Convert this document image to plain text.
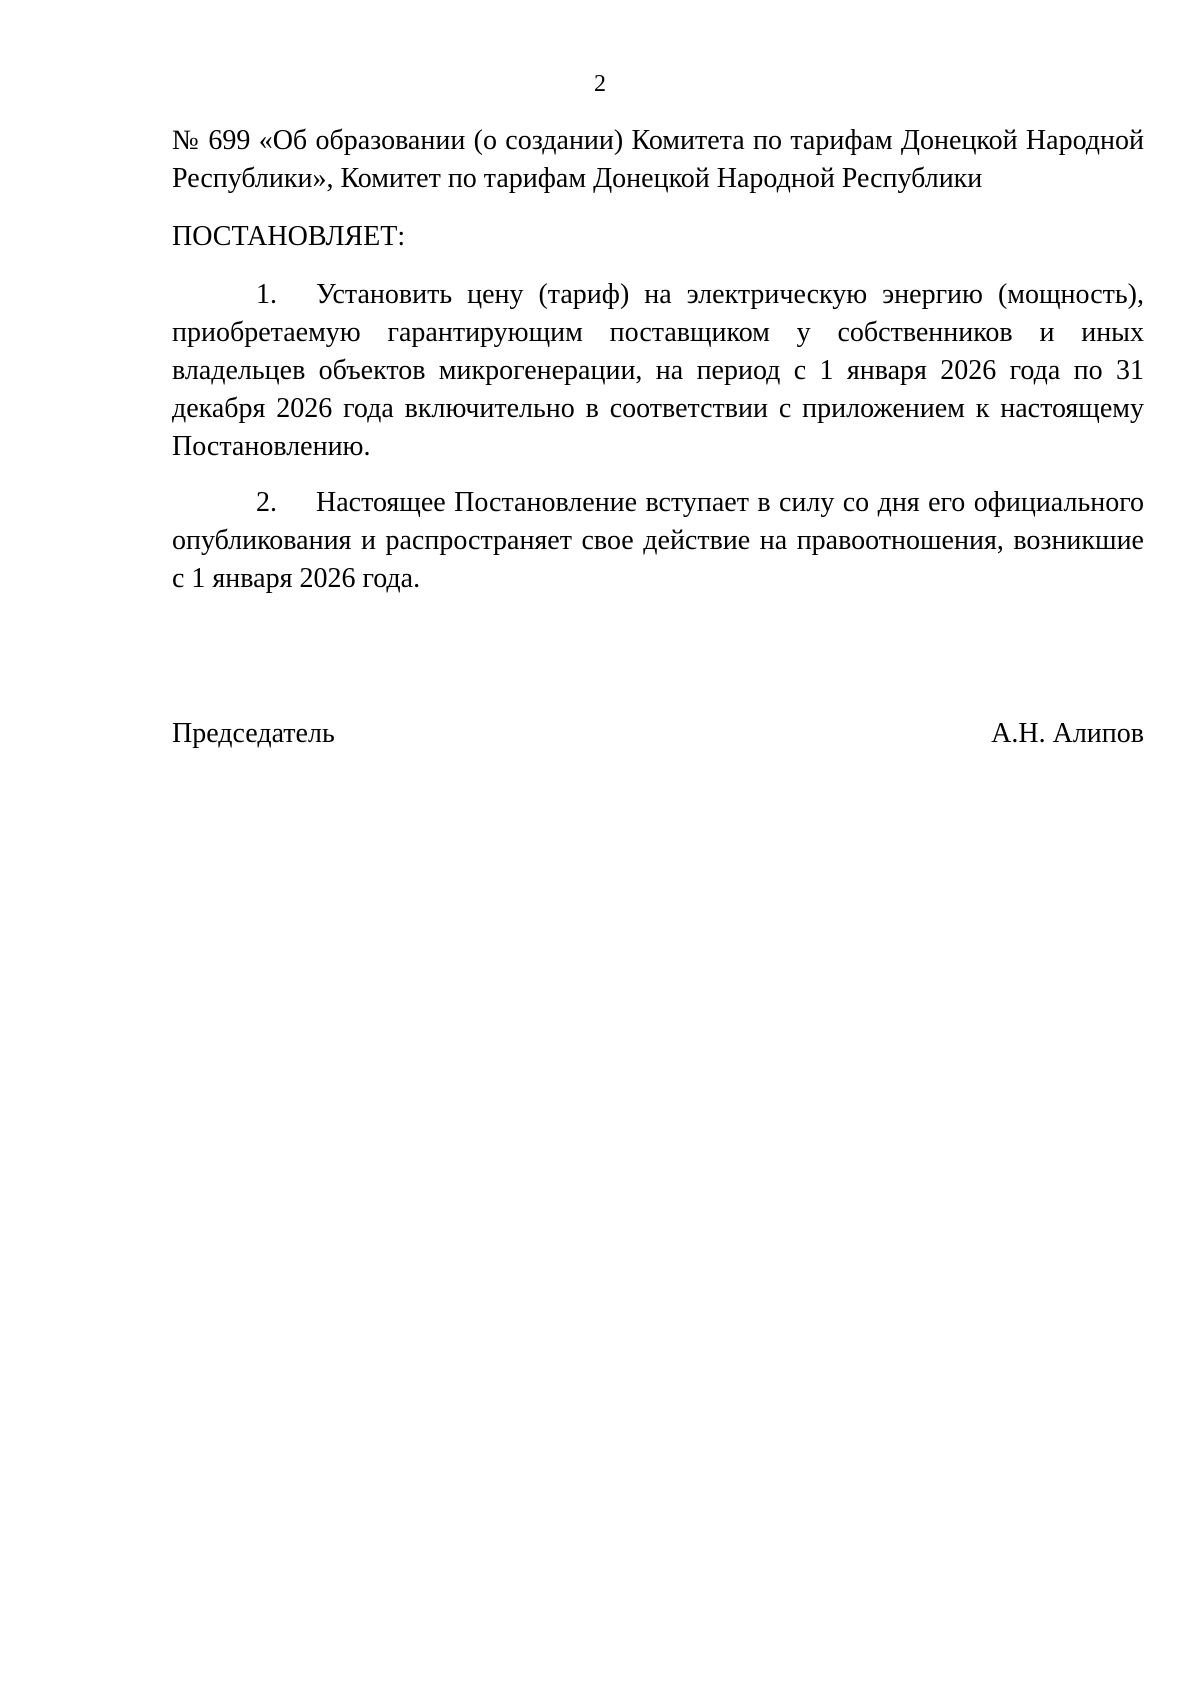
2

№ 699 «Об образовании (о создании) Комитета по тарифам Донецкой Народной Республики», Комитет по тарифам Донецкой Народной Республики

ПОСТАНОВЛЯЕТ:

1. Установить цену (тариф) на электрическую энергию (мощность), приобретаемую гарантирующим поставщиком у собственников и иных владельцев объектов микрогенерации, на период с 1 января 2026 года по 31 декабря 2026 года включительно в соответствии с приложением к настоящему Постановлению.

2. Настоящее Постановление вступает в силу со дня его официального опубликования и распространяет свое действие на правоотношения, возникшие с 1 января 2026 года.

Председатель	А.Н. Алипов
